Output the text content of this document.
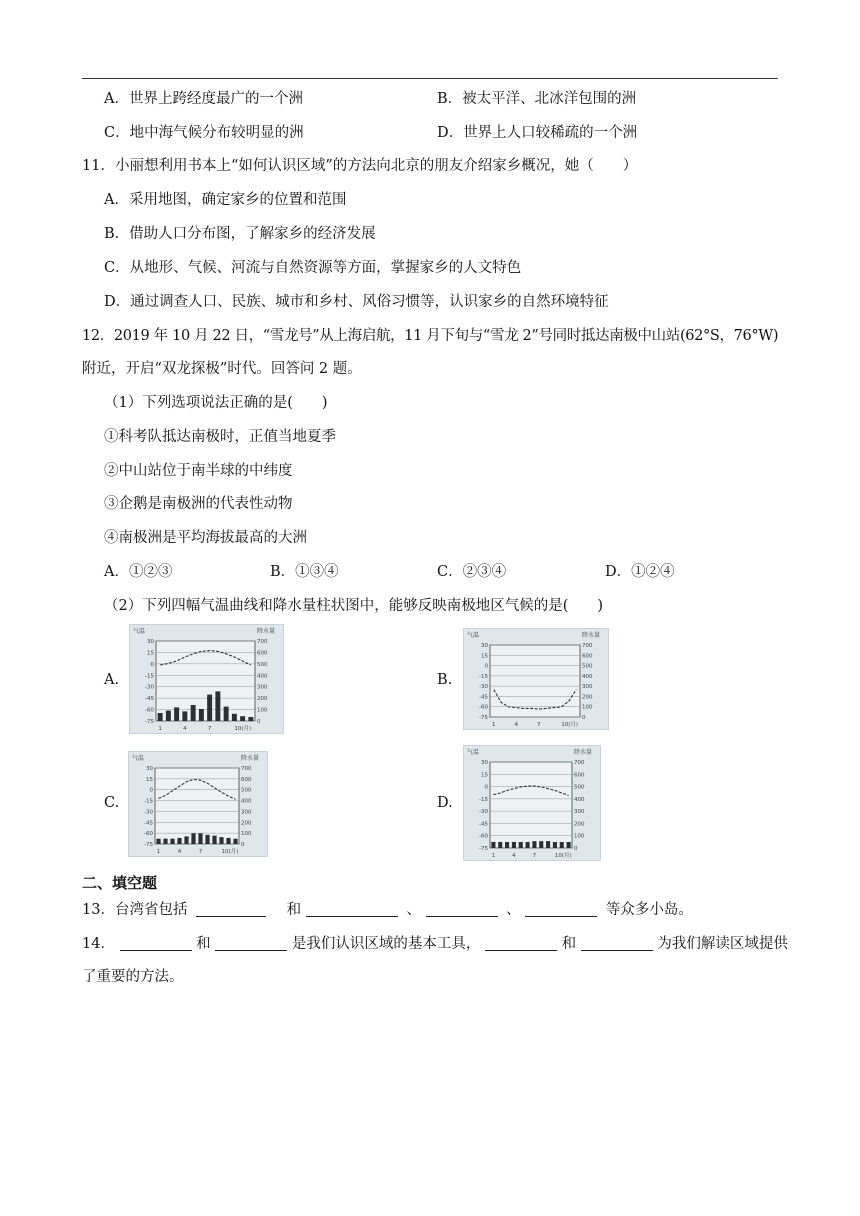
A．世界上跨经度最广的一个洲	B．被太平洋、北冰洋包围的洲
C．地中海气候分布较明显的洲	D．世界上人口较稀疏的一个洲
11．小丽想利用书本上“如何认识区域”的方法向北京的朋友介绍家乡概况，她（　　）
A．采用地图，确定家乡的位置和范围
B．借助人口分布图，了解家乡的经济发展
C．从地形、气候、河流与自然资源等方面，掌握家乡的人文特色
D．通过调查人口、民族、城市和乡村、风俗习惯等，认识家乡的自然环境特征
12．2019 年 10 月 22 日，“雪龙号”从上海启航，11 月下旬与“雪龙 2”号同时抵达南极中山站(62°S，76°W)
附近，开启“双龙探极”时代。回答问 2 题。
（1）下列选项说法正确的是(　　)
①科考队抵达南极时，正值当地夏季
②中山站位于南半球的中纬度
③企鹅是南极洲的代表性动物
④南极洲是平均海拔最高的大洲
A．①②③	B．①③④	C．②③④	D．①②④
（2）下列四幅气温曲线和降水量柱状图中，能够反映南极地区气候的是(　　)
A.	B.
C.	D.
气温	降水量
30	700
15	600
0	500
-15	400
-30	300
-45	200
-60	100
-75	0
1	4	7	10(月)
气温	降水量
30	700
15	600
0	500
-15	400
-30	300
-45	200
-60	100
-75	0
1	4	7	10(月)
气温	降水量
30	700
15	600
0	500
-15	400
-30	300
-45	200
-60	100
-75	0
1	4	7	10(月)
气温	降水量
30	700
15	600
0	500
-15	400
-30	300
-45	200
-60	100
-75	0
1	4	7	10(月)
二、填空题
13．台湾省包括	和	、	、	等众多小岛。
14．	和	是我们认识区域的基本工具，	和	为我们解读区域提供
了重要的方法。
